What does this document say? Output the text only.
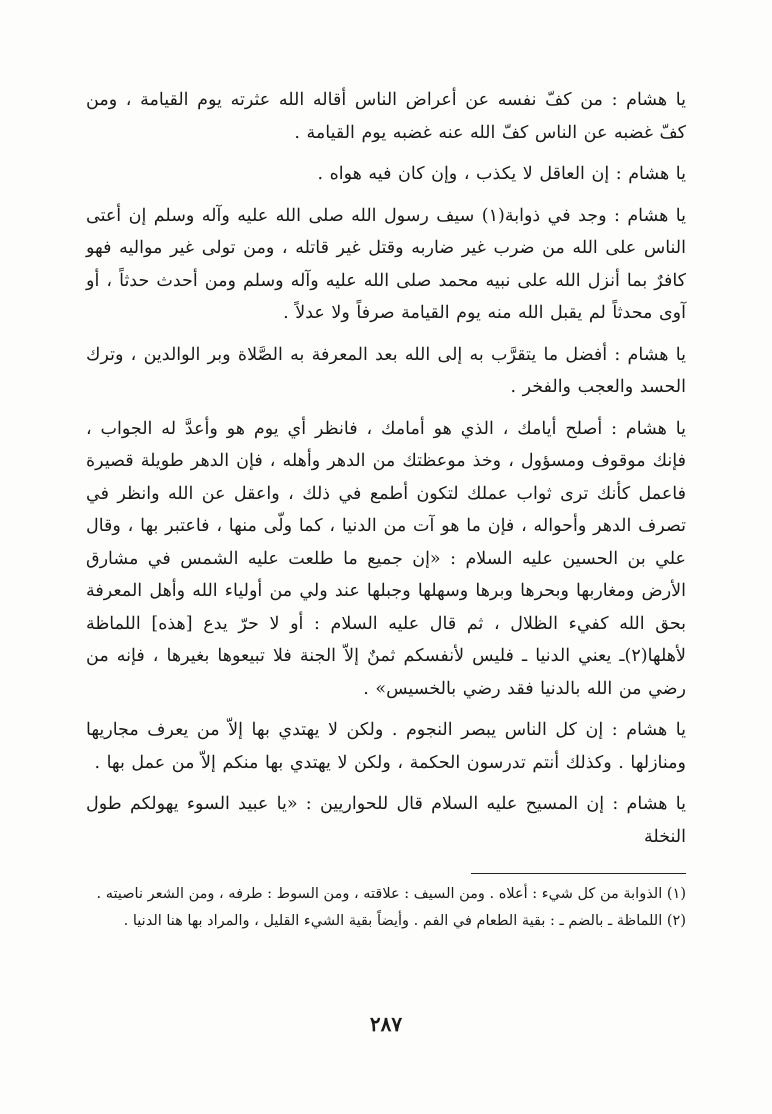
يا هشام : من كفّ نفسه عن أعراض الناس أقاله الله عثرته يوم القيامة ، ومن كفّ غضبه عن الناس كفّ الله عنه غضبه يوم القيامة .

يا هشام : إن العاقل لا يكذب ، وإن كان فيه هواه .

يا هشام : وجد في ذوابة(١) سيف رسول الله صلى الله عليه وآله وسلم إن أعتى الناس على الله من ضرب غير ضاربه وقتل غير قاتله ، ومن تولى غير مواليه فهو كافرٌ بما أنزل الله على نبيه محمد صلى الله عليه وآله وسلم ومن أحدث حدثاً ، أو آوى محدثاً لم يقبل الله منه يوم القيامة صرفاً ولا عدلاً .

يا هشام : أفضل ما يتقرَّب به إلى الله بعد المعرفة به الصَّلاة وبر الوالدين ، وترك الحسد والعجب والفخر .

يا هشام : أصلح أيامك ، الذي هو أمامك ، فانظر أي يوم هو وأعدَّ له الجواب ، فإنك موقوف ومسؤول ، وخذ موعظتك من الدهر وأهله ، فإن الدهر طويلة قصيرة فاعمل كأنك ترى ثواب عملك لتكون أطمع في ذلك ، واعقل عن الله وانظر في تصرف الدهر وأحواله ، فإن ما هو آت من الدنيا ، كما ولّى منها ، فاعتبر بها ، وقال علي بن الحسين عليه السلام : «إن جميع ما طلعت عليه الشمس في مشارق الأرض ومغاربها وبحرها وبرها وسهلها وجبلها عند ولي من أولياء الله وأهل المعرفة بحق الله كفيء الظلال ، ثم قال عليه السلام : أو لا حرّ يدع [هذه] اللماظة لأهلها(٢)ـ يعني الدنيا ـ فليس لأنفسكم ثمنٌ إلاّ الجنة فلا تبيعوها بغيرها ، فإنه من رضي من الله بالدنيا فقد رضي بالخسيس» .

يا هشام : إن كل الناس يبصر النجوم . ولكن لا يهتدي بها إلاّ من يعرف مجاريها ومنازلها . وكذلك أنتم تدرسون الحكمة ، ولكن لا يهتدي بها منكم إلاّ من عمل بها .

يا هشام : إن المسيح عليه السلام قال للحواريين : «يا عبيد السوء يهولكم طول النخلة

(١) الذوابة من كل شيء : أعلاه . ومن السيف : علاقته ، ومن السوط : طرفه ، ومن الشعر ناصيته .

(٢) اللماظة ـ بالضم ـ : بقية الطعام في الفم . وأيضاً بقية الشيء القليل ، والمراد بها هنا الدنيا .

٢٨٧
